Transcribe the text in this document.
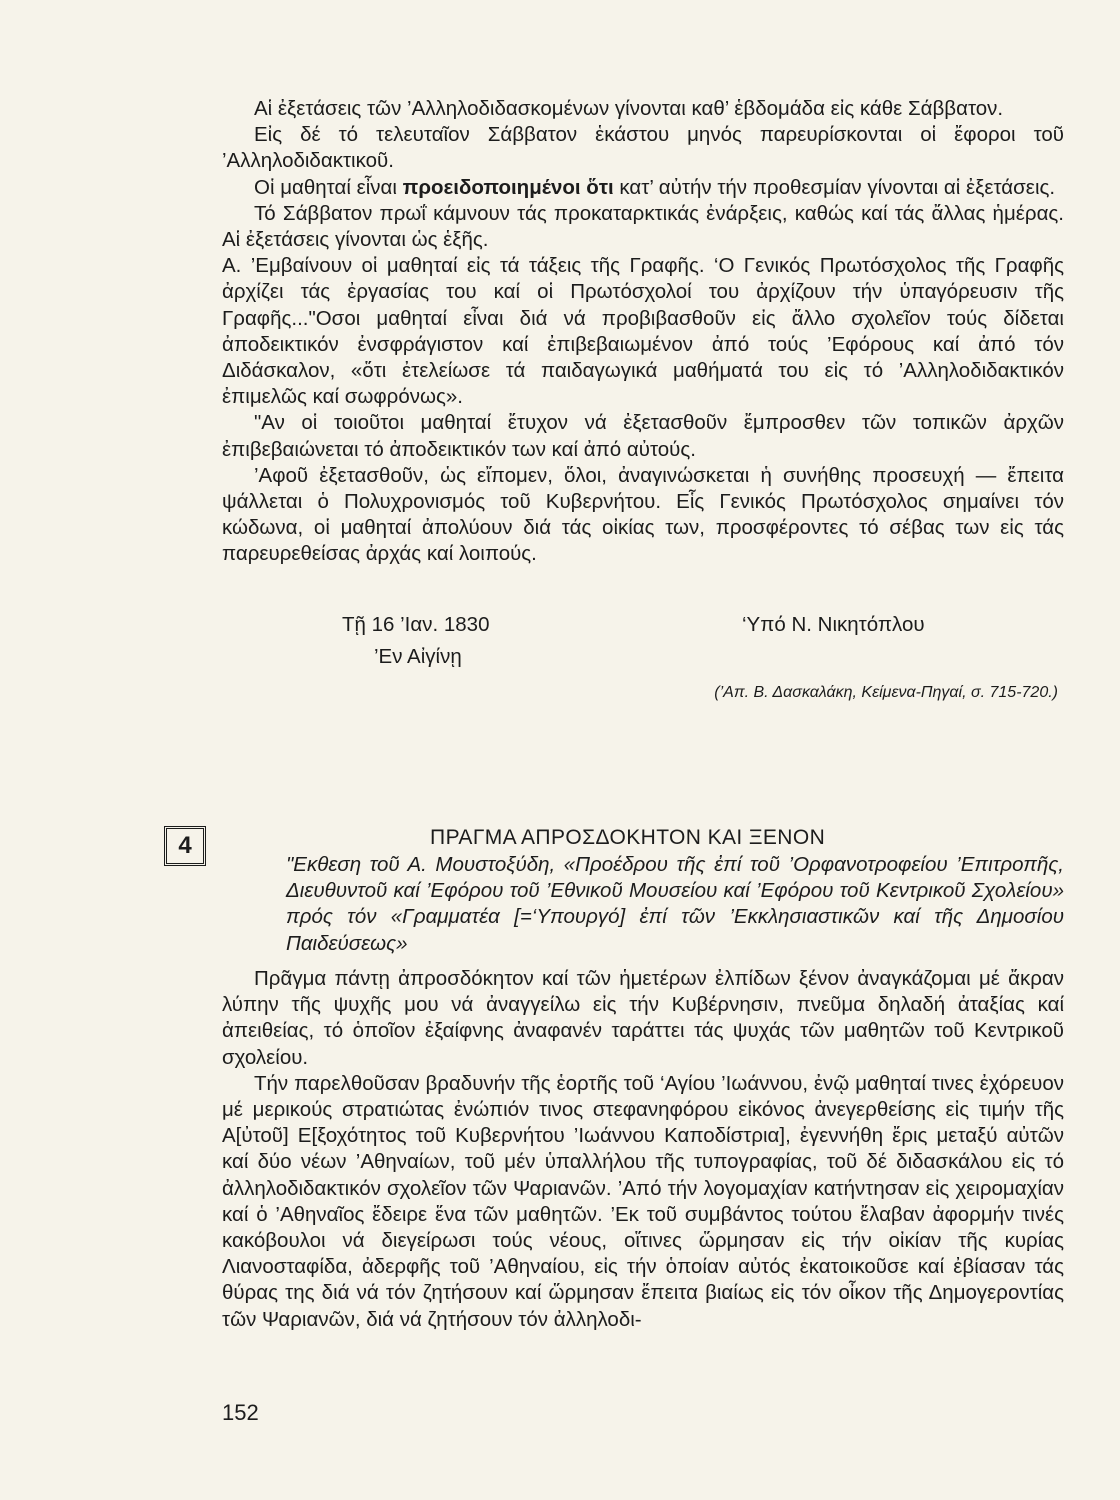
Αἱ ἐξετάσεις τῶν ’Αλληλοδιδασκομένων γίνονται καθ’ ἑβδομάδα εἰς κάθε Σάββατον.

Εἰς δέ τό τελευταῖον Σάββατον ἑκάστου μηνός παρευρίσκονται οἱ ἔφοροι τοῦ ’Αλληλοδιδακτικοῦ.

Οἱ μαθηταί εἶναι προειδοποιημένοι ὅτι κατ’ αὐτήν τήν προθεσμίαν γίνονται αἱ ἐξετάσεις.

Τό Σάββατον πρωΐ κάμνουν τάς προκαταρκτικάς ἐνάρξεις, καθώς καί τάς ἄλλας ἡμέρας. Αἱ ἐξετάσεις γίνονται ὡς ἑξῆς.

Α. ’Εμβαίνουν οἱ μαθηταί εἰς τά τάξεις τῆς Γραφῆς. ‘Ο Γενικός Πρωτόσχολος τῆς Γραφῆς ἀρχίζει τάς ἐργασίας του καί οἱ Πρωτόσχολοί του ἀρχίζουν τήν ὑπαγόρευσιν τῆς Γραφῆς..."Οσοι μαθηταί εἶναι διά νά προβιβασθοῦν εἰς ἄλλο σχολεῖον τούς δίδεται ἀποδεικτικόν ἐνσφράγιστον καί ἐπιβεβαιωμένον ἀπό τούς ’Εφόρους καί ἀπό τόν Διδάσκαλον, «ὅτι ἐτελείωσε τά παιδαγωγικά μαθήματά του εἰς τό ’Αλληλοδιδακτικόν ἐπιμελῶς καί σωφρόνως».

"Αν οἱ τοιοῦτοι μαθηταί ἔτυχον νά ἐξετασθοῦν ἔμπροσθεν τῶν τοπικῶν ἀρχῶν ἐπιβεβαιώνεται τό ἀποδεικτικόν των καί ἀπό αὐτούς.

’Αφοῦ ἐξετασθοῦν, ὡς εἴπομεν, ὅλοι, ἀναγινώσκεται ἡ συνήθης προσευχή — ἔπειτα ψάλλεται ὁ Πολυχρονισμός τοῦ Κυβερνήτου. Εἷς Γενικός Πρωτόσχολος σημαίνει τόν κώδωνα, οἱ μαθηταί ἀπολύουν διά τάς οἰκίας των, προσφέροντες τό σέβας των εἰς τάς παρευρεθείσας ἀρχάς καί λοιπούς.

Τῇ 16 ’Ιαν. 1830	‘Υπό Ν. Νικητόπλου
’Εν Αἰγίνῃ
(’Απ. Β. Δασκαλάκη, Κείμενα-Πηγαί, σ. 715-720.)
4	ΠΡΑΓΜΑ ΑΠΡΟΣΔΟΚΗΤΟΝ ΚΑΙ ΞΕΝΟΝ

"Εκθεση τοῦ Α. Μουστοξύδη, «Προέδρου τῆς ἐπί τοῦ ’Ορφανοτροφείου ’Επιτροπῆς, Διευθυντοῦ καί ’Εφόρου τοῦ ’Εθνικοῦ Μουσείου καί ’Εφόρου τοῦ Κεντρικοῦ Σχολείου» πρός τόν «Γραμματέα [=‘Υπουργό] ἐπί τῶν ’Εκκλησιαστικῶν καί τῆς Δημοσίου Παιδεύσεως»

Πρᾶγμα πάντῃ ἀπροσδόκητον καί τῶν ἡμετέρων ἐλπίδων ξένον ἀναγκάζομαι μέ ἄκραν λύπην τῆς ψυχῆς μου νά ἀναγγείλω εἰς τήν Κυβέρνησιν, πνεῦμα δηλαδή ἀταξίας καί ἀπειθείας, τό ὁποῖον ἐξαίφνης ἀναφανέν ταράττει τάς ψυχάς τῶν μαθητῶν τοῦ Κεντρικοῦ σχολείου.

Τήν παρελθοῦσαν βραδυνήν τῆς ἑορτῆς τοῦ ‘Αγίου ’Ιωάννου, ἐνῷ μαθηταί τινες ἐχόρευον μέ μερικούς στρατιώτας ἐνώπιόν τινος στεφανηφόρου εἰκόνος ἀνεγερθείσης εἰς τιμήν τῆς Α[ὐτοῦ] Ε[ξοχότητος τοῦ Κυβερνήτου ’Ιωάννου Καποδίστρια], ἐγεννήθη ἔρις μεταξύ αὐτῶν καί δύο νέων ’Αθηναίων, τοῦ μέν ὑπαλλήλου τῆς τυπογραφίας, τοῦ δέ διδασκάλου εἰς τό ἀλληλοδιδακτικόν σχολεῖον τῶν Ψαριανῶν. ’Από τήν λογομαχίαν κατήντησαν εἰς χειρομαχίαν καί ὁ ’Αθηναῖος ἔδειρε ἕνα τῶν μαθητῶν. ’Εκ τοῦ συμβάντος τούτου ἔλαβαν ἀφορμήν τινές κακόβουλοι νά διεγείρωσι τούς νέους, οἵτινες ὥρμησαν εἰς τήν οἰκίαν τῆς κυρίας Λιανοσταφίδα, ἀδερφῆς τοῦ ’Αθηναίου, εἰς τήν ὁποίαν αὐτός ἐκατοικοῦσε καί ἐβίασαν τάς θύρας της διά νά τόν ζητήσουν καί ὥρμησαν ἔπειτα βιαίως εἰς τόν οἶκον τῆς Δημογεροντίας τῶν Ψαριανῶν, διά νά ζητήσουν τόν ἀλληλοδι-

152
